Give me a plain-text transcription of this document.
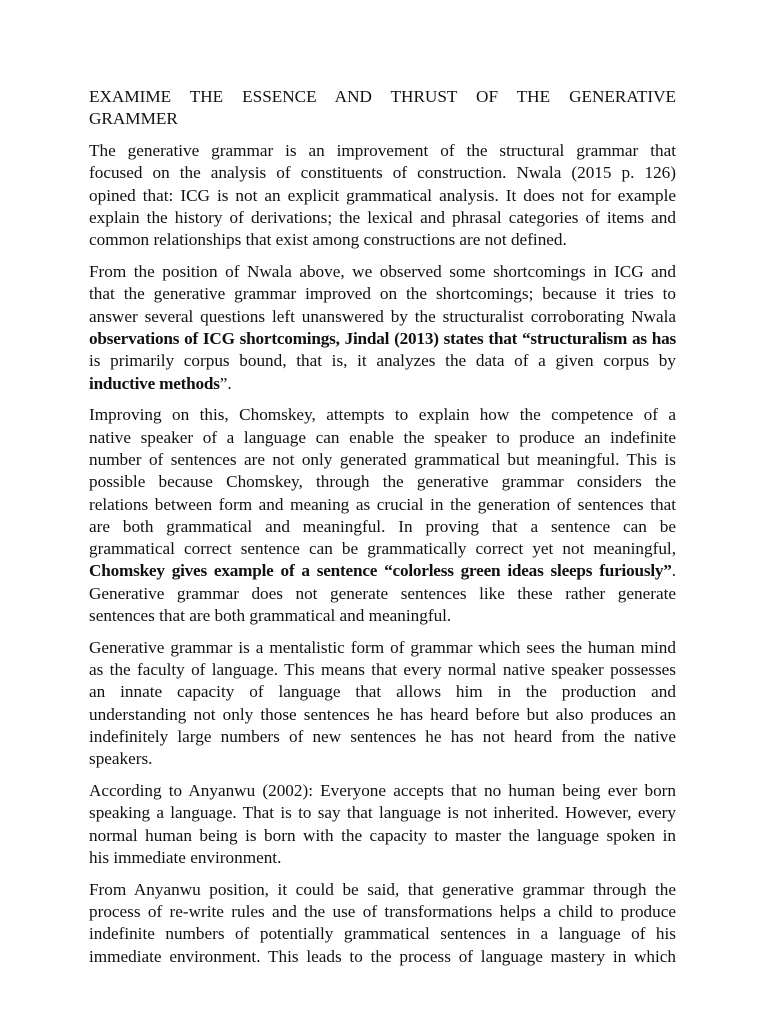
EXAMIME THE ESSENCE AND THRUST OF THE GENERATIVE
GRAMMER
The generative grammar is an improvement of the structural grammar that
focused on the analysis of constituents of construction. Nwala (2015 p. 126)
opined that: ICG is not an explicit grammatical analysis. It does not for example
explain the history of derivations; the lexical and phrasal categories of items and
common relationships that exist among constructions are not defined.
From the position of Nwala above, we observed some shortcomings in ICG and
that the generative grammar improved on the shortcomings; because it tries to
answer several questions left unanswered by the structuralist corroborating Nwala
observations of ICG shortcomings, Jindal (2013) states that “structuralism as has
is primarily corpus bound, that is, it analyzes the data of a given corpus by
inductive methods”.
Improving on this, Chomskey, attempts to explain how the competence of a
native speaker of a language can enable the speaker to produce an indefinite
number of sentences are not only generated grammatical but meaningful. This is
possible because Chomskey, through the generative grammar considers the
relations between form and meaning as crucial in the generation of sentences that
are both grammatical and meaningful. In proving that a sentence can be
grammatical correct sentence can be grammatically correct yet not meaningful,
Chomskey gives example of a sentence “colorless green ideas sleeps furiously”.
Generative grammar does not generate sentences like these rather generate
sentences that are both grammatical and meaningful.
Generative grammar is a mentalistic form of grammar which sees the human mind
as the faculty of language. This means that every normal native speaker possesses
an innate capacity of language that allows him in the production and
understanding not only those sentences he has heard before but also produces an
indefinitely large numbers of new sentences he has not heard from the native
speakers.
According to Anyanwu (2002): Everyone accepts that no human being ever born
speaking a language. That is to say that language is not inherited. However, every
normal human being is born with the capacity to master the language spoken in
his immediate environment.
From Anyanwu position, it could be said, that generative grammar through the
process of re-write rules and the use of transformations helps a child to produce
indefinite numbers of potentially grammatical sentences in a language of his
immediate environment. This leads to the process of language mastery in which
